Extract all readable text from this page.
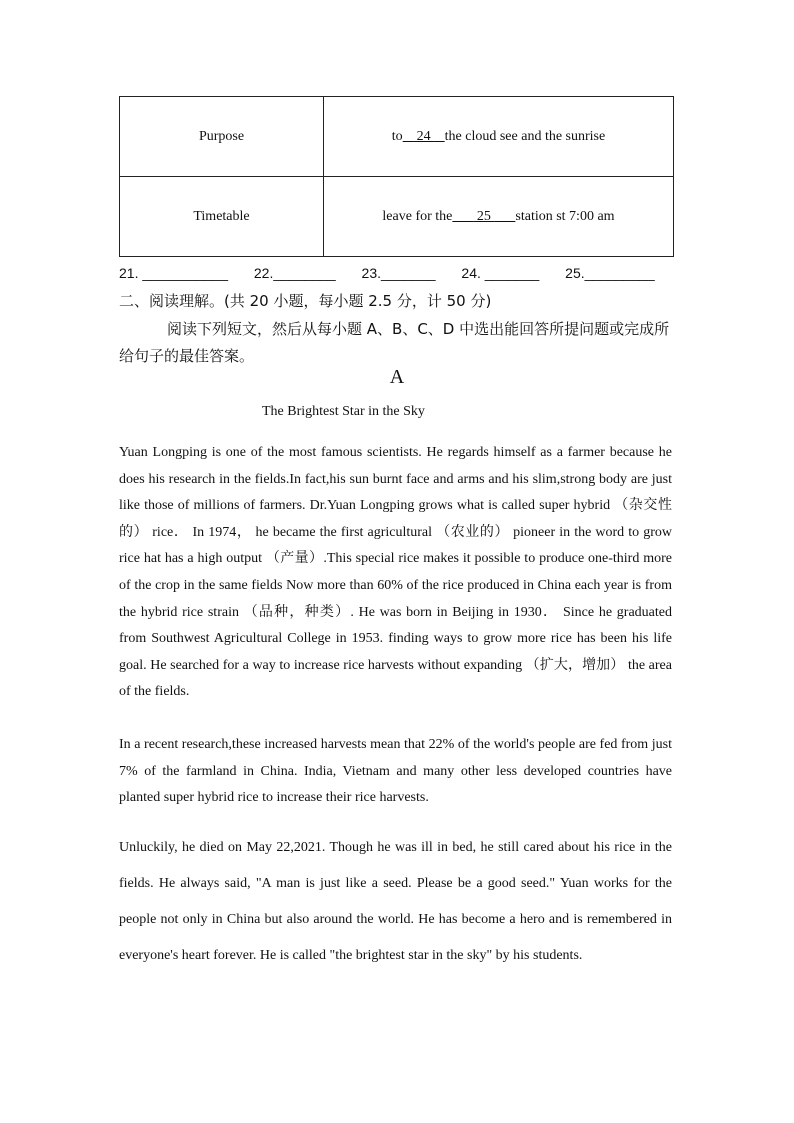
Purpose	to    24    the cloud see and the sunrise
Timetable	leave for the       25       station st 7:00 am
21. ___________ 22.________ 23._______ 24. _______ 25._________
二、阅读理解。(共 20 小题，每小题 2.5 分，计 50 分)
阅读下列短文，然后从每小题 A、B、C、D 中选出能回答所提问题或完成所给句子的最佳答案。
A
The Brightest Star in the Sky
Yuan Longping is one of the most famous scientists. He regards himself as a farmer because he does his research in the fields.In fact,his sun burnt face and arms and his slim,strong body are just like those of millions of farmers. Dr.Yuan Longping grows what is called super hybrid （杂交性的） rice． In 1974， he became the first agricultural （农业的） pioneer in the word to grow rice hat has a high output （产量）.This special rice makes it possible to produce one-third more of the crop in the same fields Now more than 60% of the rice produced in China each year is from the hybrid rice strain （品种，种类）. He was born in Beijing in 1930． Since he graduated from Southwest Agricultural College in 1953. finding ways to grow more rice has been his life goal. He searched for a way to increase rice harvests without expanding （扩大，增加） the area of the fields.
In a recent research,these increased harvests mean that 22% of the world's people are fed from just 7% of the farmland in China. India, Vietnam and many other less developed countries have planted super hybrid rice to increase their rice harvests.
Unluckily, he died on May 22,2021. Though he was ill in bed, he still cared about his rice in the fields. He always said, "A man is just like a seed. Please be a good seed." Yuan works for the people not only in China but also around the world. He has become a hero and is remembered in everyone's heart forever. He is called "the brightest star in the sky" by his students.
